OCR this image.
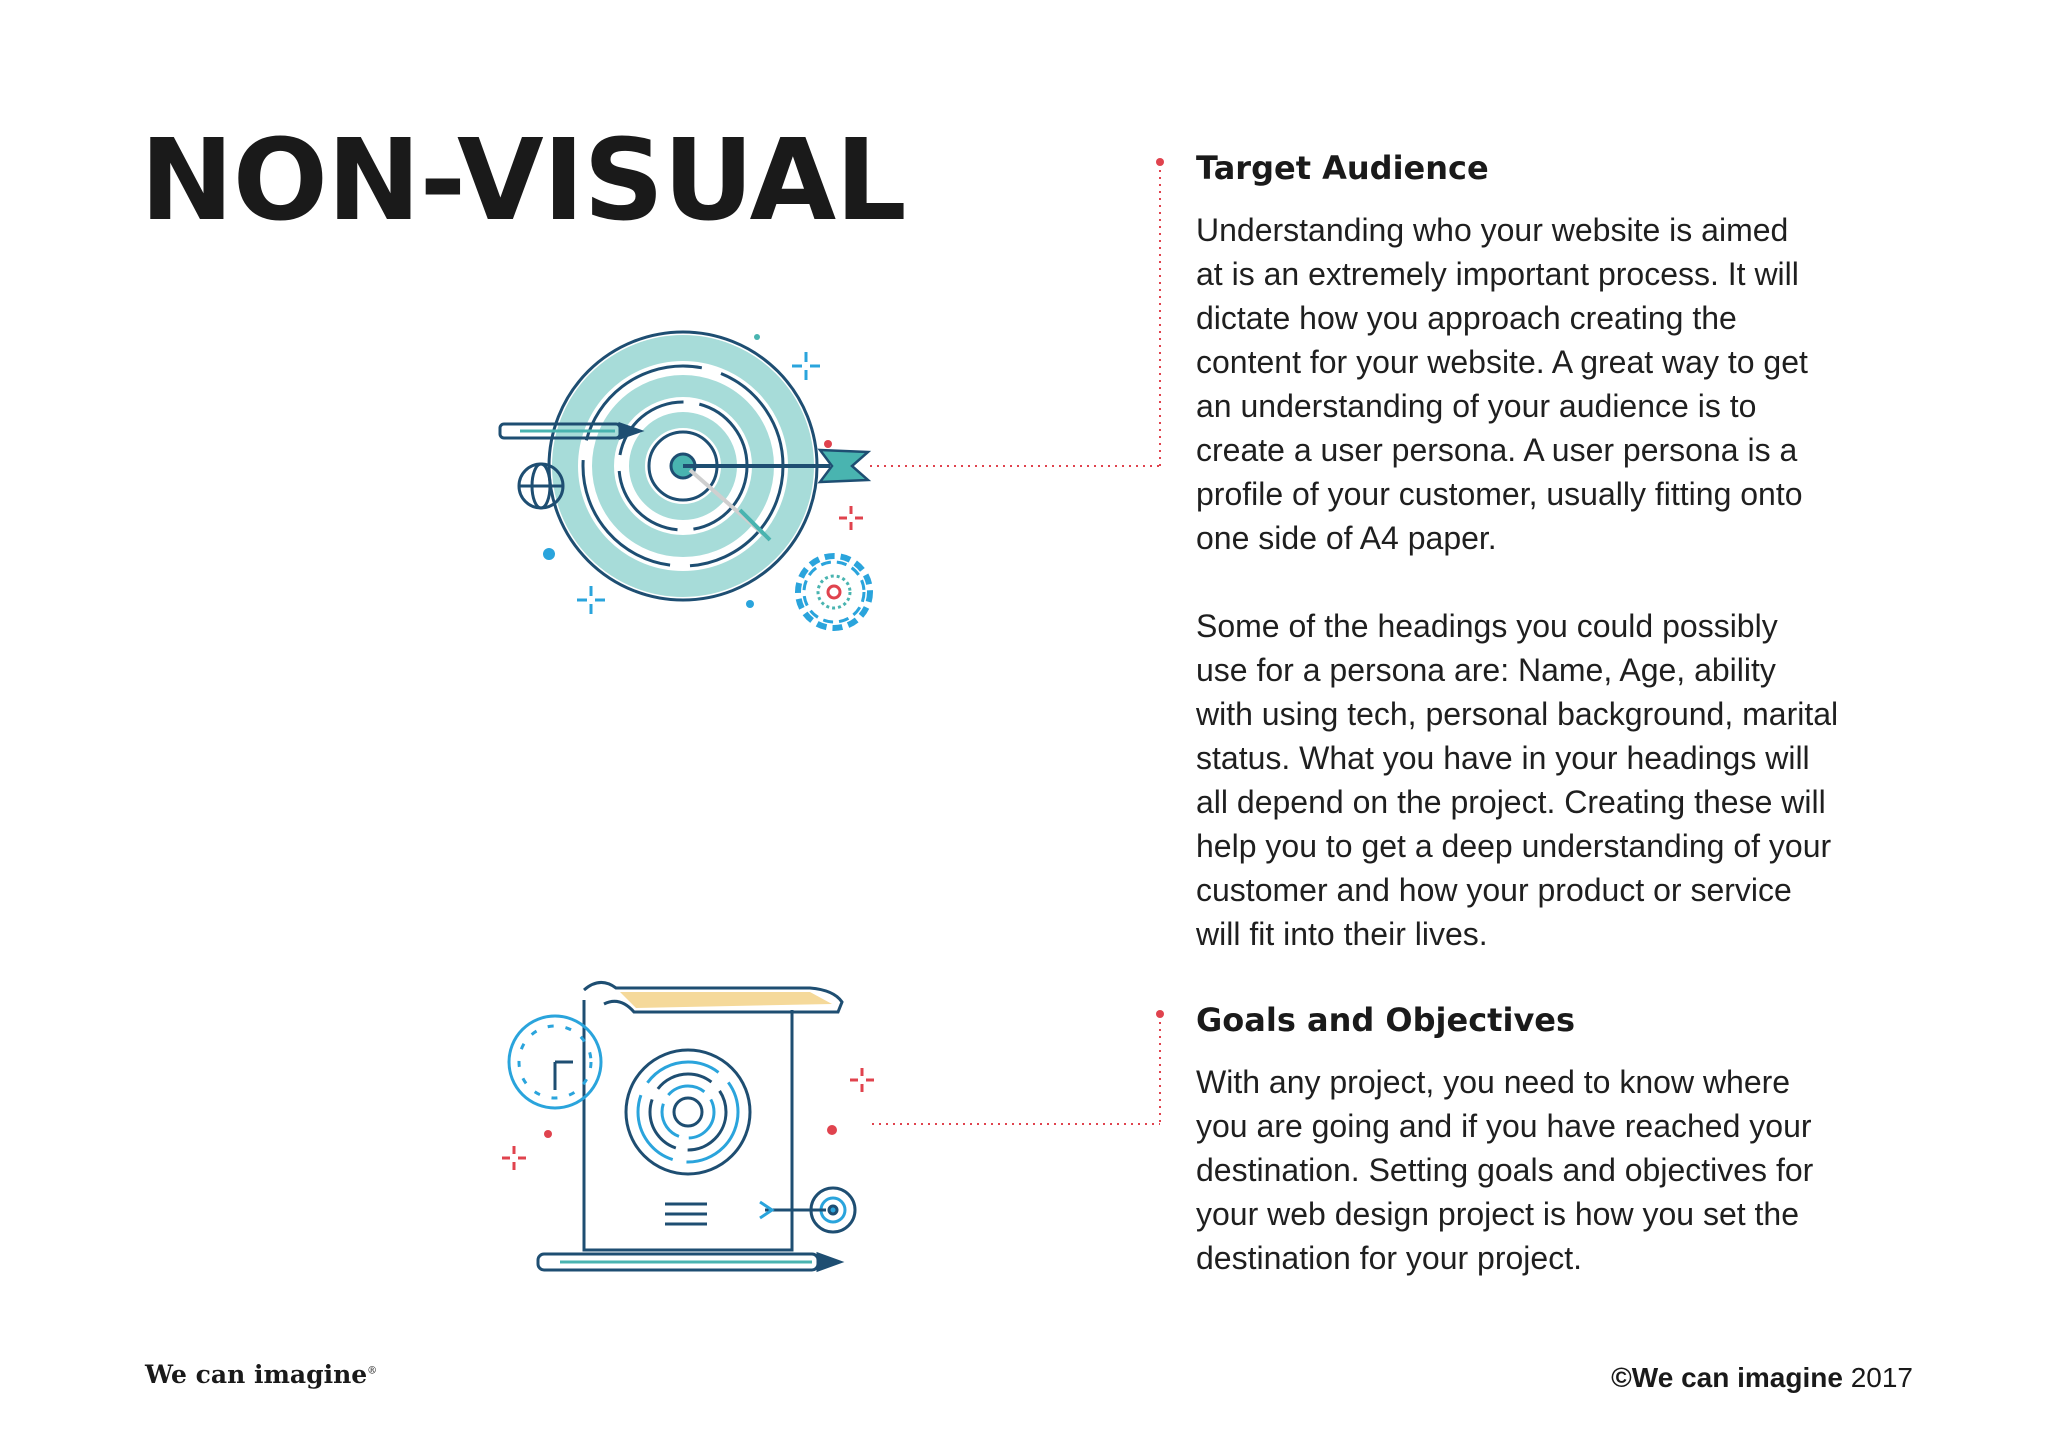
NON-VISUAL	Target Audience

Understanding who your website is aimed
at is an extremely important process. It will
dictate how you approach creating the
content for your website. A great way to get
an understanding of your audience is to
create a user persona. A user persona is a
profile of your customer, usually fitting onto
one side of A4 paper.

Some of the headings you could possibly
use for a persona are: Name, Age, ability
with using tech, personal background, marital
status. What you have in your headings will
all depend on the project. Creating these will
help you to get a deep understanding of your
customer and how your product or service
will fit into their lives.

Goals and Objectives

With any project, you need to know where
you are going and if you have reached your
destination. Setting goals and objectives for
your web design project is how you set the
destination for your project.

We can imagine®	©We can imagine 2017
